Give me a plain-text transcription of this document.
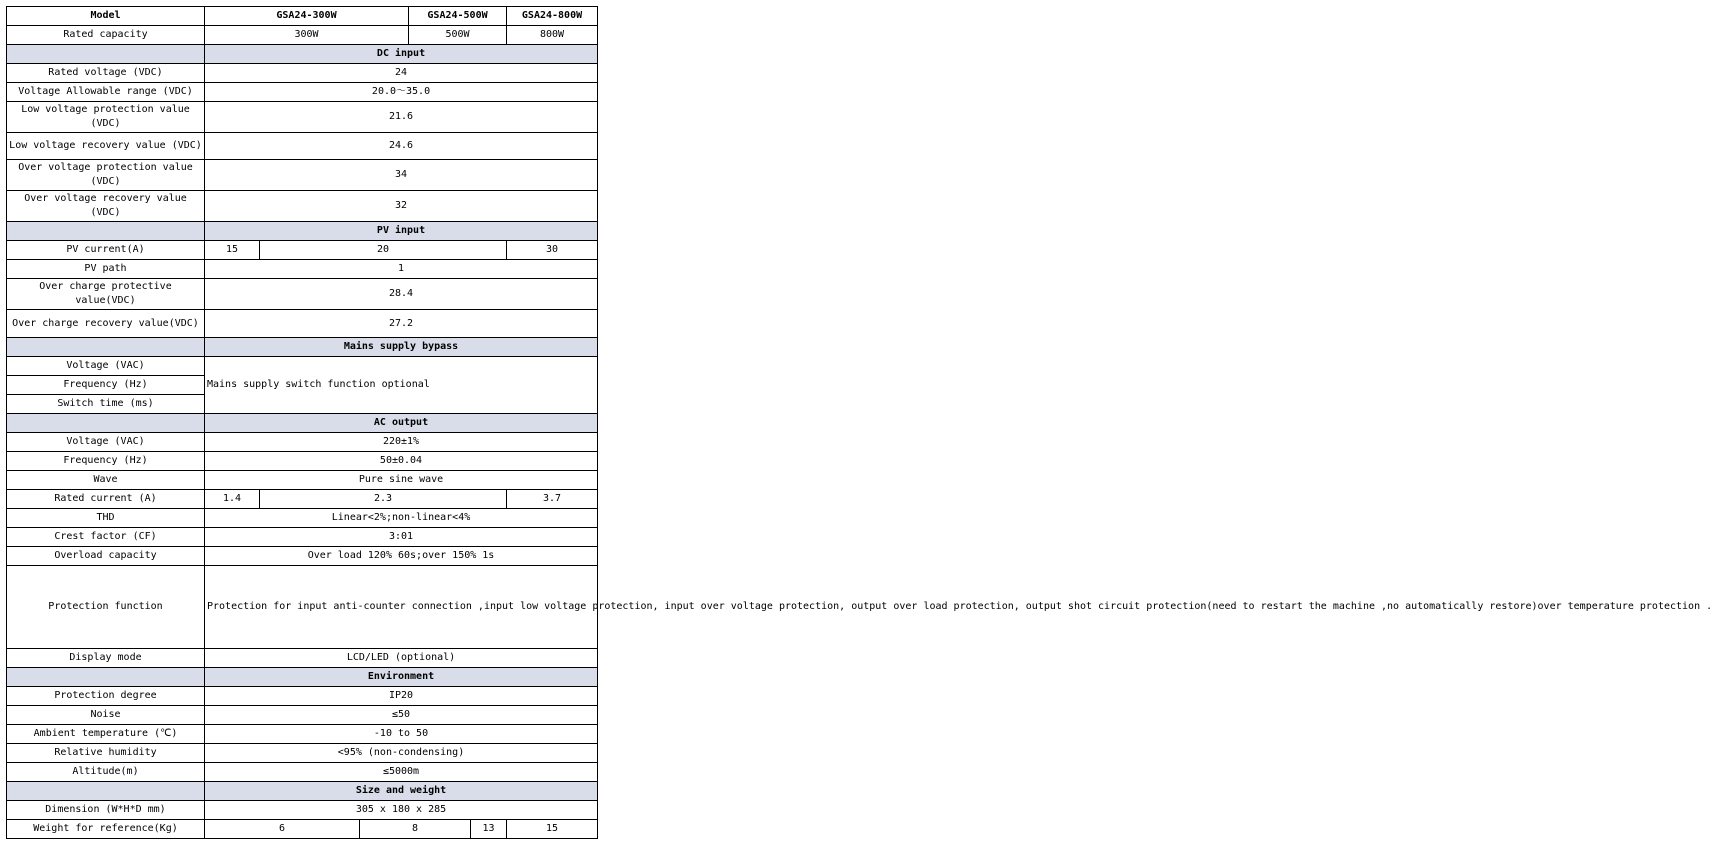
Model	GSA24-300W			GSA24-500W		GSA24-800W
Rated capacity	300W			500W		800W
	DC input					
Rated voltage (VDC)	24					
Voltage Allowable range (VDC)	20.0～35.0					
Low voltage protection value (VDC)	21.6					
Low voltage recovery value (VDC)	24.6					
Over voltage protection value (VDC)	34					
Over voltage recovery value (VDC)	32					
	PV input					
PV current(A)	15	20				30
PV path	1					
Over charge protective value(VDC)	28.4					
Over charge recovery value(VDC)	27.2					
	Mains supply bypass					
Voltage (VAC)	Mains supply switch function optional					
Frequency (Hz)						
Switch time (ms)						
	AC output					
Voltage (VAC)	220±1%					
Frequency (Hz)	50±0.04					
Wave	Pure sine wave					
Rated current (A)	1.4	2.3				3.7
THD	Linear<2%;non-linear<4%					
Crest factor (CF)	3:01					
Overload capacity	Over load 120% 60s;over 150% 1s					
Protection function	Protection for input anti-counter connection ,input low voltage protection, input over voltage protection, output over load protection, output shot circuit protection(need to restart the machine ,no automatically restore)over temperature protection .					
Display mode	LCD/LED (optional)					
	Environment					
Protection degree	IP20					
Noise	≤50					
Ambient temperature (℃)	-10 to 50					
Relative humidity	<95% (non-condensing)					
Altitude(m)	≤5000m					
	Size and weight					
Dimension (W*H*D mm)	305 x 180 x 285					
Weight for reference(Kg)	6		8		13	15
